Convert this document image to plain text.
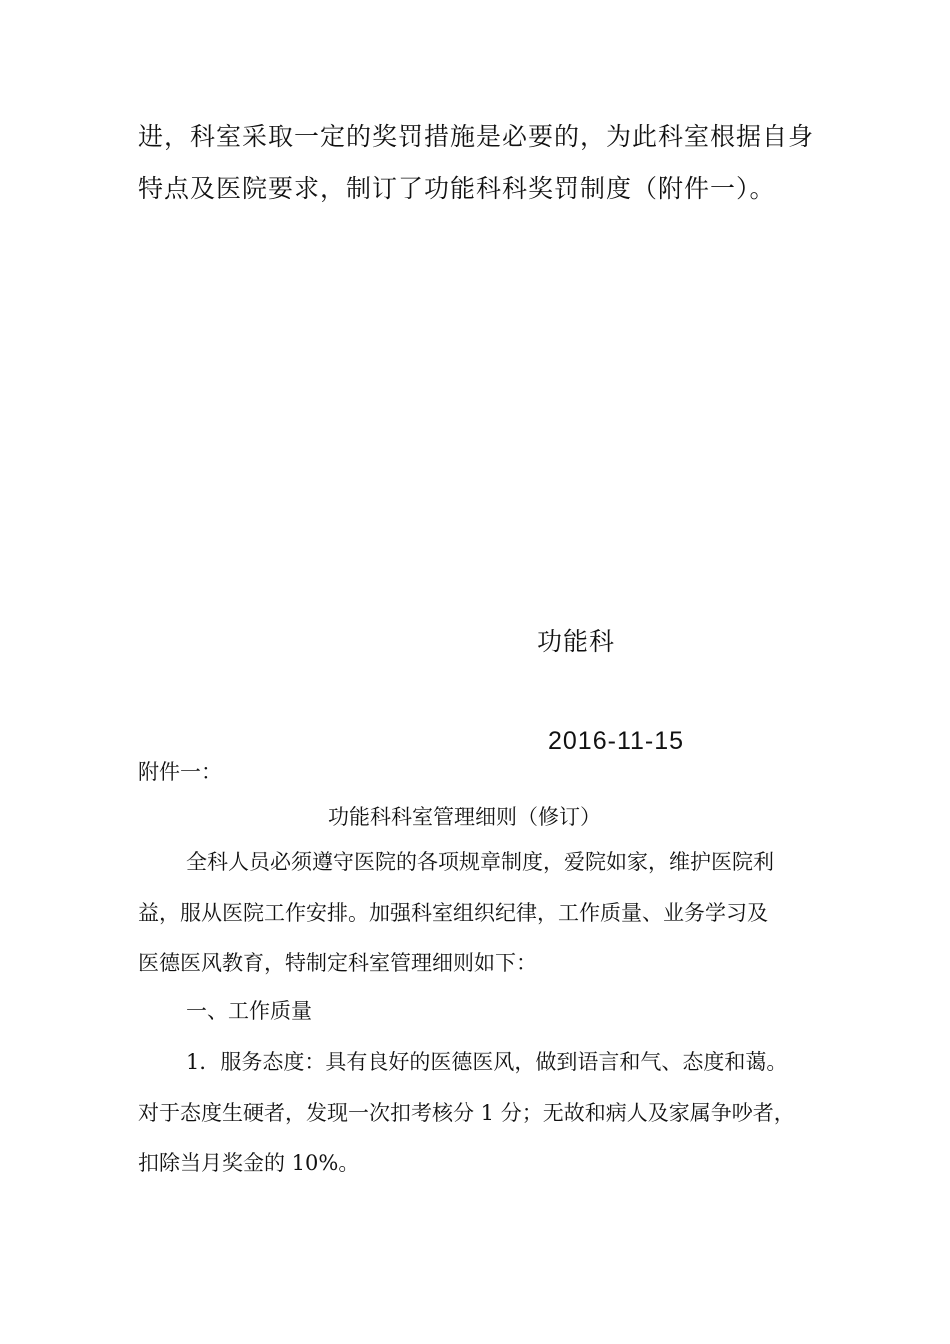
进，科室采取一定的奖罚措施是必要的，为此科室根据自身
特点及医院要求，制订了功能科科奖罚制度（附件一）。
功能科
2016-11-15
附件一：
功能科科室管理细则（修订）
全科人员必须遵守医院的各项规章制度，爱院如家，维护医院利
益，服从医院工作安排。加强科室组织纪律，工作质量、业务学习及
医德医风教育，特制定科室管理细则如下：
一、工作质量
1．服务态度：具有良好的医德医风，做到语言和气、态度和蔼。
对于态度生硬者，发现一次扣考核分 1 分；无故和病人及家属争吵者，
扣除当月奖金的 10%。
